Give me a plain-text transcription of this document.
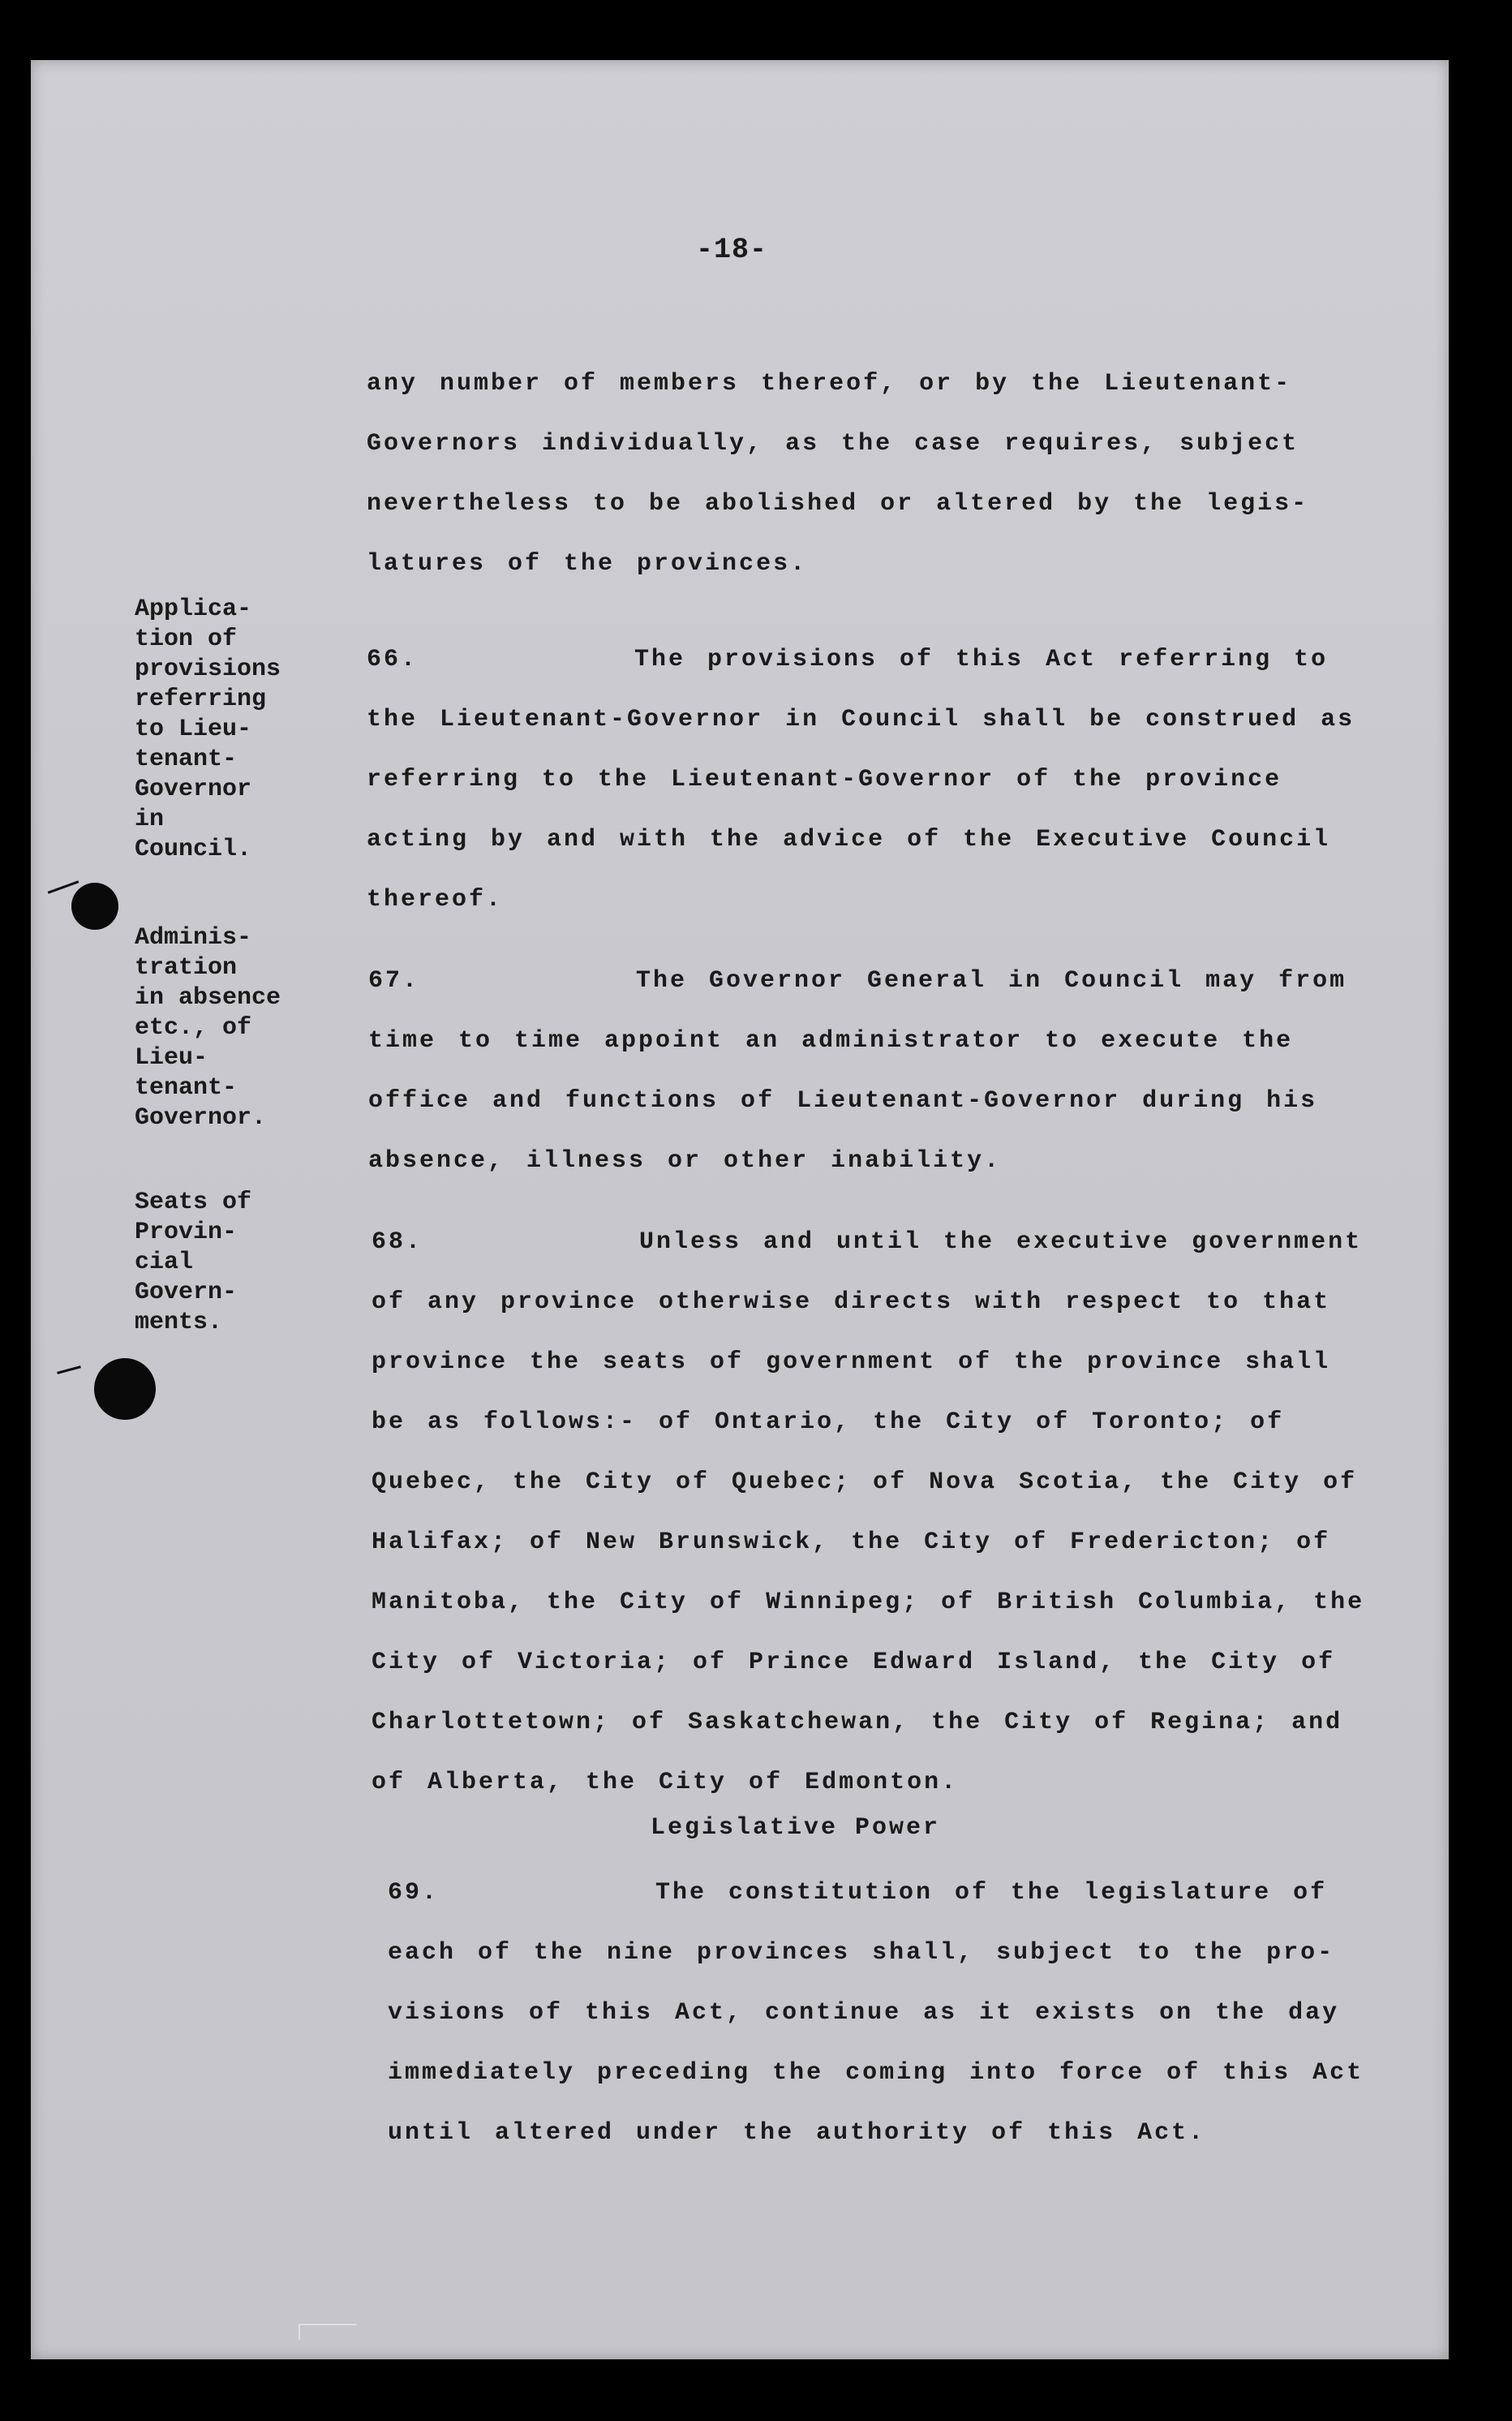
-18-
any number of members thereof, or by the Lieutenant-Governors individually, as the case requires, subject nevertheless to be abolished or altered by the legis-latures of the provinces.
Applica-
tion of
provisions
referring
to Lieu-
tenant-
Governor
in
Council.
66.	The provisions of this Act referring to the Lieutenant-Governor in Council shall be construed as referring to the Lieutenant-Governor of the province acting by and with the advice of the Executive Council thereof.
Adminis-
tration
in absence
etc., of
Lieu-
tenant-
Governor.
67.	The Governor General in Council may from time to time appoint an administrator to execute the office and functions of Lieutenant-Governor during his absence, illness or other inability.
Seats of
Provin-
cial
Govern-
ments.
68.	Unless and until the executive government of any province otherwise directs with respect to that province the seats of government of the province shall be as follows:- of Ontario, the City of Toronto; of Quebec, the City of Quebec; of Nova Scotia, the City of Halifax; of New Brunswick, the City of Fredericton; of Manitoba, the City of Winnipeg; of British Columbia, the City of Victoria; of Prince Edward Island, the City of Charlottetown; of Saskatchewan, the City of Regina; and of Alberta, the City of Edmonton.
Legislative Power
69.	The constitution of the legislature of each of the nine provinces shall, subject to the pro-visions of this Act, continue as it exists on the day immediately preceding the coming into force of this Act until altered under the authority of this Act.
